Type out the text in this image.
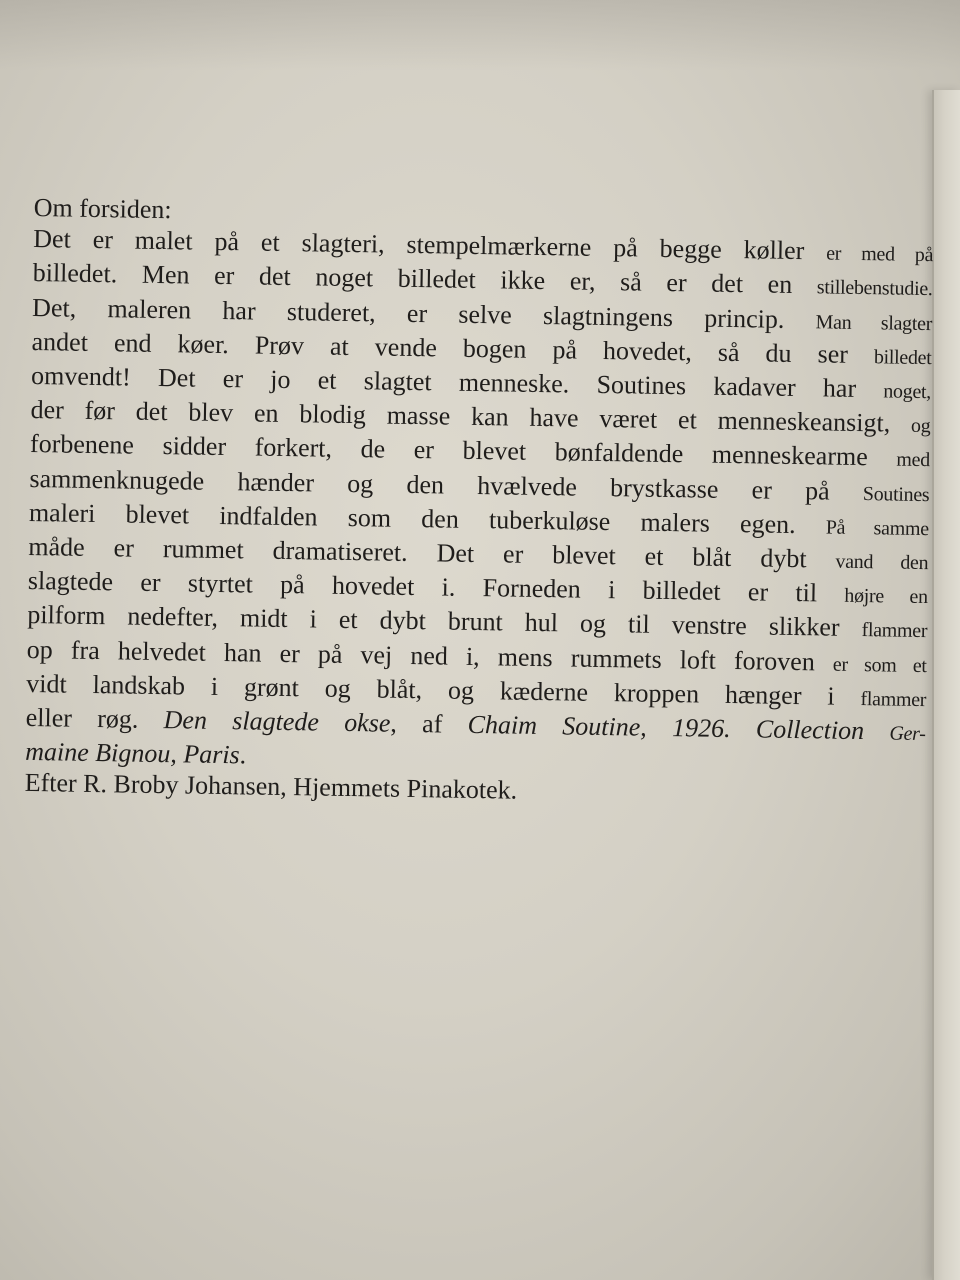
Om forsiden:
Det er malet på et slagteri, stempelmærkerne på begge køller er med på
billedet. Men er det noget billedet ikke er, så er det en stillebenstudie.
Det, maleren har studeret, er selve slagtningens princip. Man slagter
andet end køer. Prøv at vende bogen på hovedet, så du ser billedet
omvendt! Det er jo et slagtet menneske. Soutines kadaver har noget,
der før det blev en blodig masse kan have været et menneskeansigt, og
forbenene sidder forkert, de er blevet bønfaldende menneskearme med
sammenknugede hænder og den hvælvede brystkasse er på Soutines
maleri blevet indfalden som den tuberkuløse malers egen. På samme
måde er rummet dramatiseret. Det er blevet et blåt dybt vand den
slagtede er styrtet på hovedet i. Forneden i billedet er til højre en
pilform nedefter, midt i et dybt brunt hul og til venstre slikker flammer
op fra helvedet han er på vej ned i, mens rummets loft foroven er som et
vidt landskab i grønt og blåt, og kæderne kroppen hænger i flammer
eller røg. Den slagtede okse, af Chaim Soutine, 1926. Collection Ger-
maine Bignou, Paris.
Efter R. Broby Johansen, Hjemmets Pinakotek.
